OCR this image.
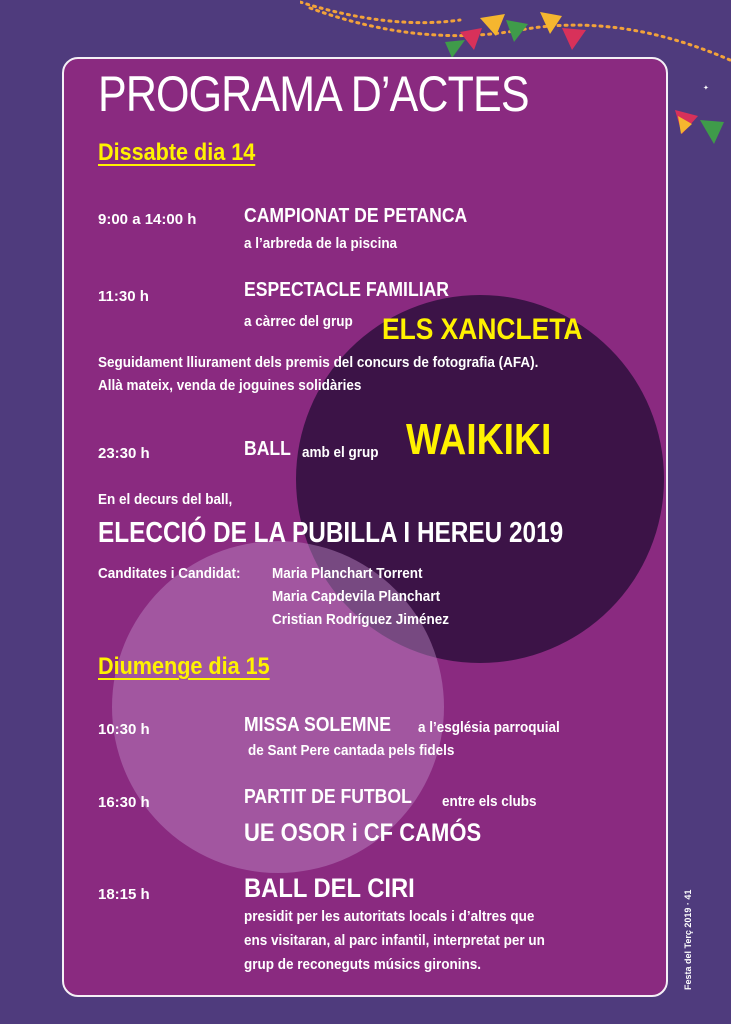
✦
PROGRAMA D’ACTES
Dissabte dia 14
9:00 a 14:00 h CAMPIONAT DE PETANCA
a l’arbreda de la piscina
11:30 h	ESPECTACLE FAMILIAR
a càrrec del grup ELS XANCLETA
Seguidament lliurament dels premis del concurs de fotografia (AFA).
Allà mateix, venda de joguines solidàries
23:30 h	BALL amb el grup WAIKIKI
En el decurs del ball,
ELECCIÓ DE LA PUBILLA I HEREU 2019
Canditates i Candidat: Maria Planchart Torrent
Maria Capdevila Planchart
Cristian Rodríguez Jiménez
Diumenge dia 15
10:30 h	MISSA SOLEMNE a l’església parroquial
de Sant Pere cantada pels fidels
16:30 h	PARTIT DE FUTBOL entre els clubs
UE OSOR i CF CAMÓS
18:15 h	BALL DEL CIRI
presidit per les autoritats locals i d’altres que
ens visitaran, al parc infantil, interpretat per un
grup de reconeguts músics gironins.	Festa del Terç 2019 · 41
